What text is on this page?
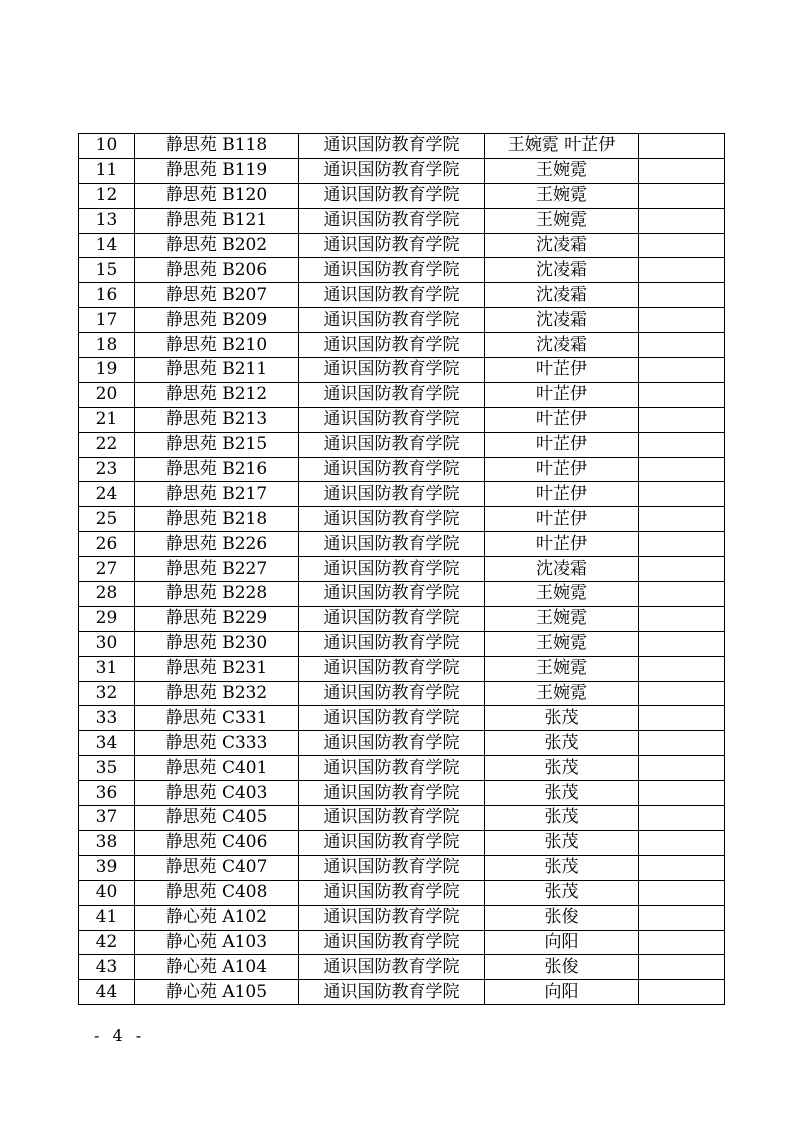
10	静思苑 B118	通识国防教育学院	王婉霓 叶芷伊	
11	静思苑 B119	通识国防教育学院	王婉霓	
12	静思苑 B120	通识国防教育学院	王婉霓	
13	静思苑 B121	通识国防教育学院	王婉霓	
14	静思苑 B202	通识国防教育学院	沈凌霜	
15	静思苑 B206	通识国防教育学院	沈凌霜	
16	静思苑 B207	通识国防教育学院	沈凌霜	
17	静思苑 B209	通识国防教育学院	沈凌霜	
18	静思苑 B210	通识国防教育学院	沈凌霜	
19	静思苑 B211	通识国防教育学院	叶芷伊	
20	静思苑 B212	通识国防教育学院	叶芷伊	
21	静思苑 B213	通识国防教育学院	叶芷伊	
22	静思苑 B215	通识国防教育学院	叶芷伊	
23	静思苑 B216	通识国防教育学院	叶芷伊	
24	静思苑 B217	通识国防教育学院	叶芷伊	
25	静思苑 B218	通识国防教育学院	叶芷伊	
26	静思苑 B226	通识国防教育学院	叶芷伊	
27	静思苑 B227	通识国防教育学院	沈凌霜	
28	静思苑 B228	通识国防教育学院	王婉霓	
29	静思苑 B229	通识国防教育学院	王婉霓	
30	静思苑 B230	通识国防教育学院	王婉霓	
31	静思苑 B231	通识国防教育学院	王婉霓	
32	静思苑 B232	通识国防教育学院	王婉霓	
33	静思苑 C331	通识国防教育学院	张茂	
34	静思苑 C333	通识国防教育学院	张茂	
35	静思苑 C401	通识国防教育学院	张茂	
36	静思苑 C403	通识国防教育学院	张茂	
37	静思苑 C405	通识国防教育学院	张茂	
38	静思苑 C406	通识国防教育学院	张茂	
39	静思苑 C407	通识国防教育学院	张茂	
40	静思苑 C408	通识国防教育学院	张茂	
41	静心苑 A102	通识国防教育学院	张俊	
42	静心苑 A103	通识国防教育学院	向阳	
43	静心苑 A104	通识国防教育学院	张俊	
44	静心苑 A105	通识国防教育学院	向阳	
- 4 -
